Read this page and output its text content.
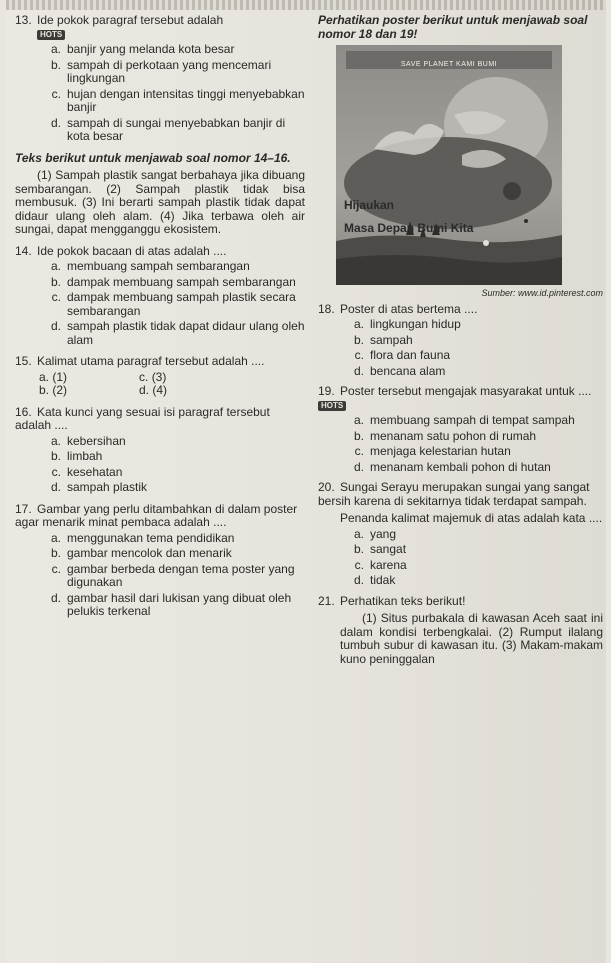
13. Ide pokok paragraf tersebut adalah
HOTS

a. banjir yang melanda kota besar
b. sampah di perkotaan yang mencemari lingkungan
c. hujan dengan intensitas tinggi menyebabkan banjir
d. sampah di sungai menyebabkan banjir di kota besar

Teks berikut untuk menjawab soal nomor 14–16.

(1) Sampah plastik sangat berbahaya jika dibuang sembarangan. (2) Sampah plastik tidak bisa membusuk. (3) Ini berarti sampah plastik tidak dapat didaur ulang oleh alam. (4) Jika terbawa oleh air sungai, dapat mengganggu ekosistem.

14. Ide pokok bacaan di atas adalah ....

a. membuang sampah sembarangan
b. dampak membuang sampah sembarangan
c. dampak membuang sampah plastik secara sembarangan
d. sampah plastik tidak dapat didaur ulang oleh alam

15. Kalimat utama paragraf tersebut adalah ....

a. (1)	c. (3)
b. (2)	d. (4)

16. Kata kunci yang sesuai isi paragraf tersebut adalah ....

a. kebersihan
b. limbah
c. kesehatan
d. sampah plastik

17. Gambar yang perlu ditambahkan di dalam poster agar menarik minat pembaca adalah ....

a. menggunakan tema pendidikan
b. gambar mencolok dan menarik
c. gambar berbeda dengan tema poster yang digunakan
d. gambar hasil dari lukisan yang dibuat oleh pelukis terkenal

Perhatikan poster berikut untuk menjawab soal nomor 18 dan 19!

SAVE PLANET KAMI BUMI
Hijaukan
Masa Depan Bumi Kita
Sumber: www.id.pinterest.com

18. Poster di atas bertema ....

a. lingkungan hidup
b. sampah
c. flora dan fauna
d. bencana alam

19. Poster tersebut mengajak masyarakat untuk .... HOTS

a. membuang sampah di tempat sampah
b. menanam satu pohon di rumah
c. menjaga kelestarian hutan
d. menanam kembali pohon di hutan

20. Sungai Serayu merupakan sungai yang sangat bersih karena di sekitarnya tidak terdapat sampah.

Penanda kalimat majemuk di atas adalah kata ....

a. yang
b. sangat
c. karena
d. tidak

21. Perhatikan teks berikut!

(1) Situs purbakala di kawasan Aceh saat ini dalam kondisi terbengkalai. (2) Rumput ilalang tumbuh subur di kawasan itu. (3) Makam-makam kuno peninggalan
